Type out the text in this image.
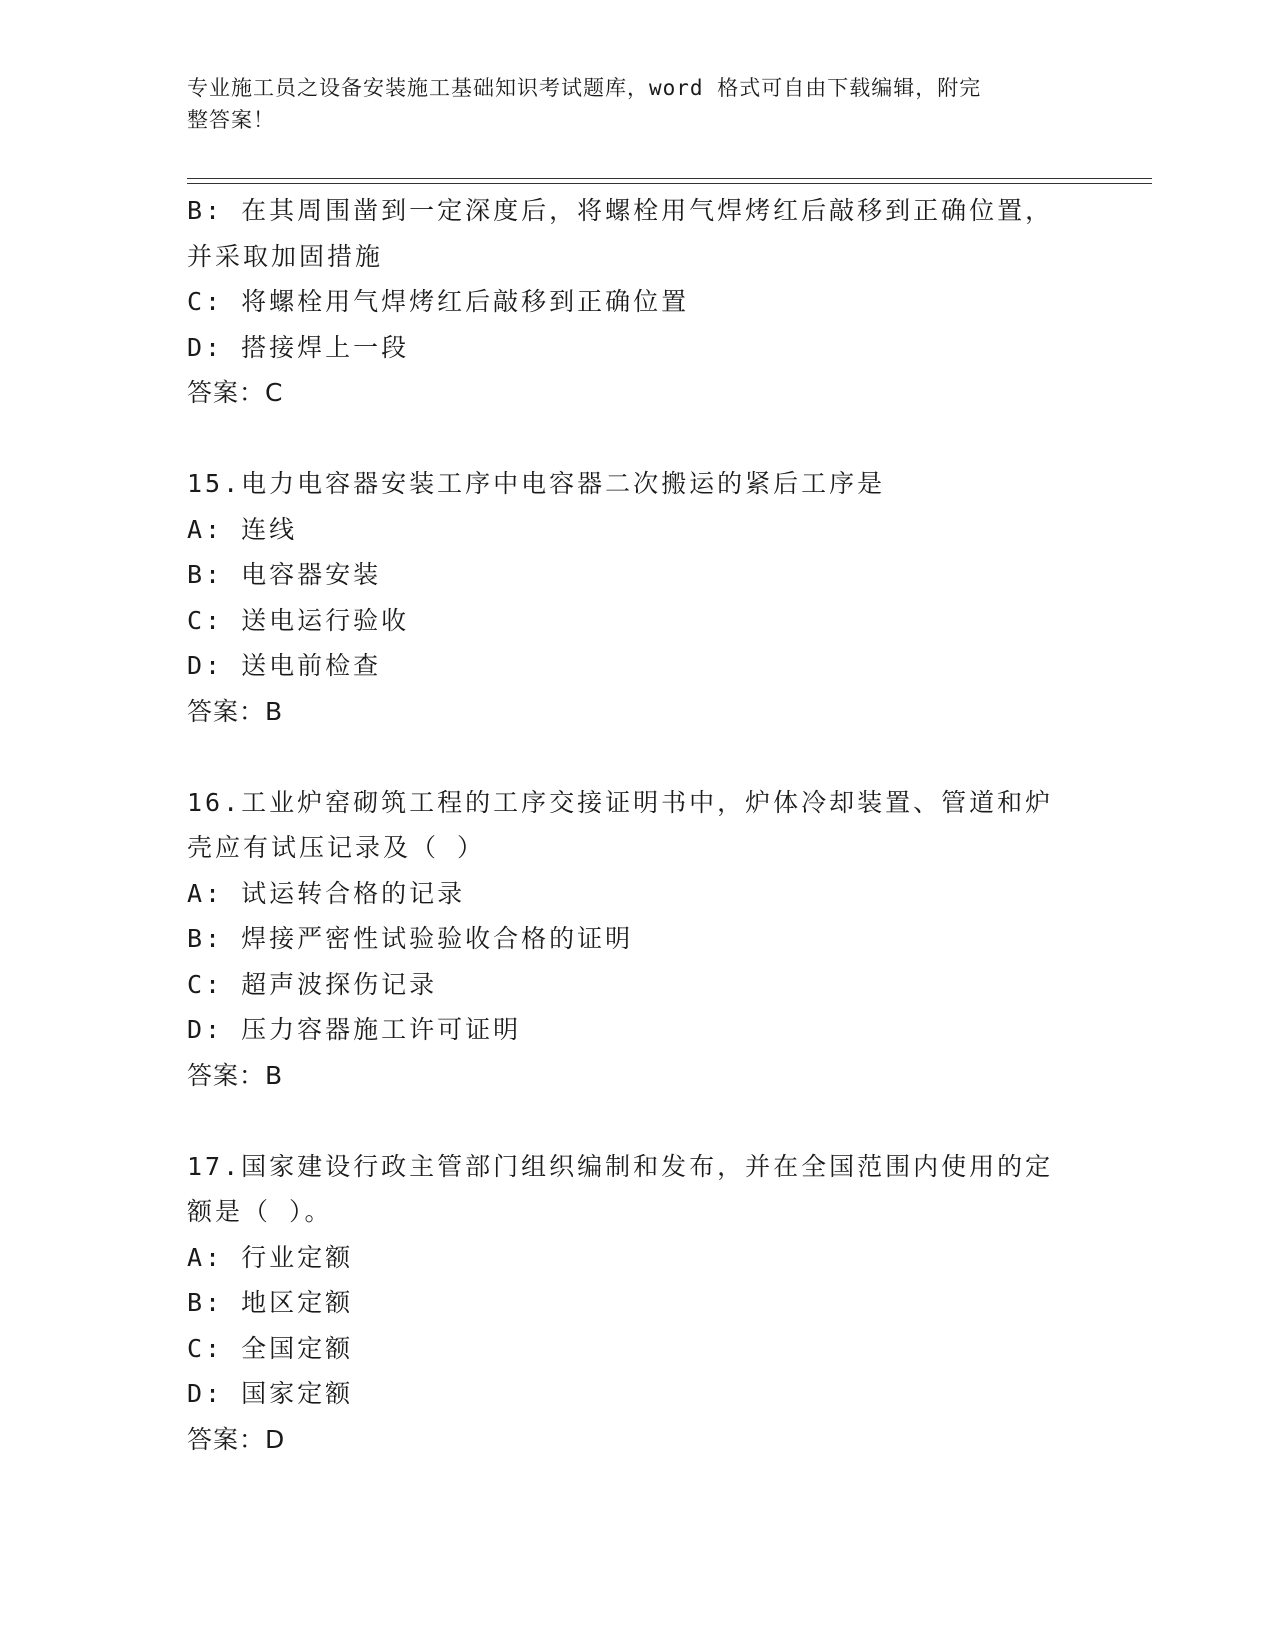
专业施工员之设备安装施工基础知识考试题库，word 格式可自由下载编辑，附完
整答案！
B: 在其周围凿到一定深度后，将螺栓用气焊烤红后敲移到正确位置，
并采取加固措施
C: 将螺栓用气焊烤红后敲移到正确位置
D: 搭接焊上一段
答案：C
15.电力电容器安装工序中电容器二次搬运的紧后工序是
A: 连线
B: 电容器安装
C: 送电运行验收
D: 送电前检查
答案：B
16.工业炉窑砌筑工程的工序交接证明书中，炉体冷却装置、管道和炉
壳应有试压记录及（ ）
A: 试运转合格的记录
B: 焊接严密性试验验收合格的证明
C: 超声波探伤记录
D: 压力容器施工许可证明
答案：B
17.国家建设行政主管部门组织编制和发布，并在全国范围内使用的定
额是（ ）。
A: 行业定额
B: 地区定额
C: 全国定额
D: 国家定额
答案：D
